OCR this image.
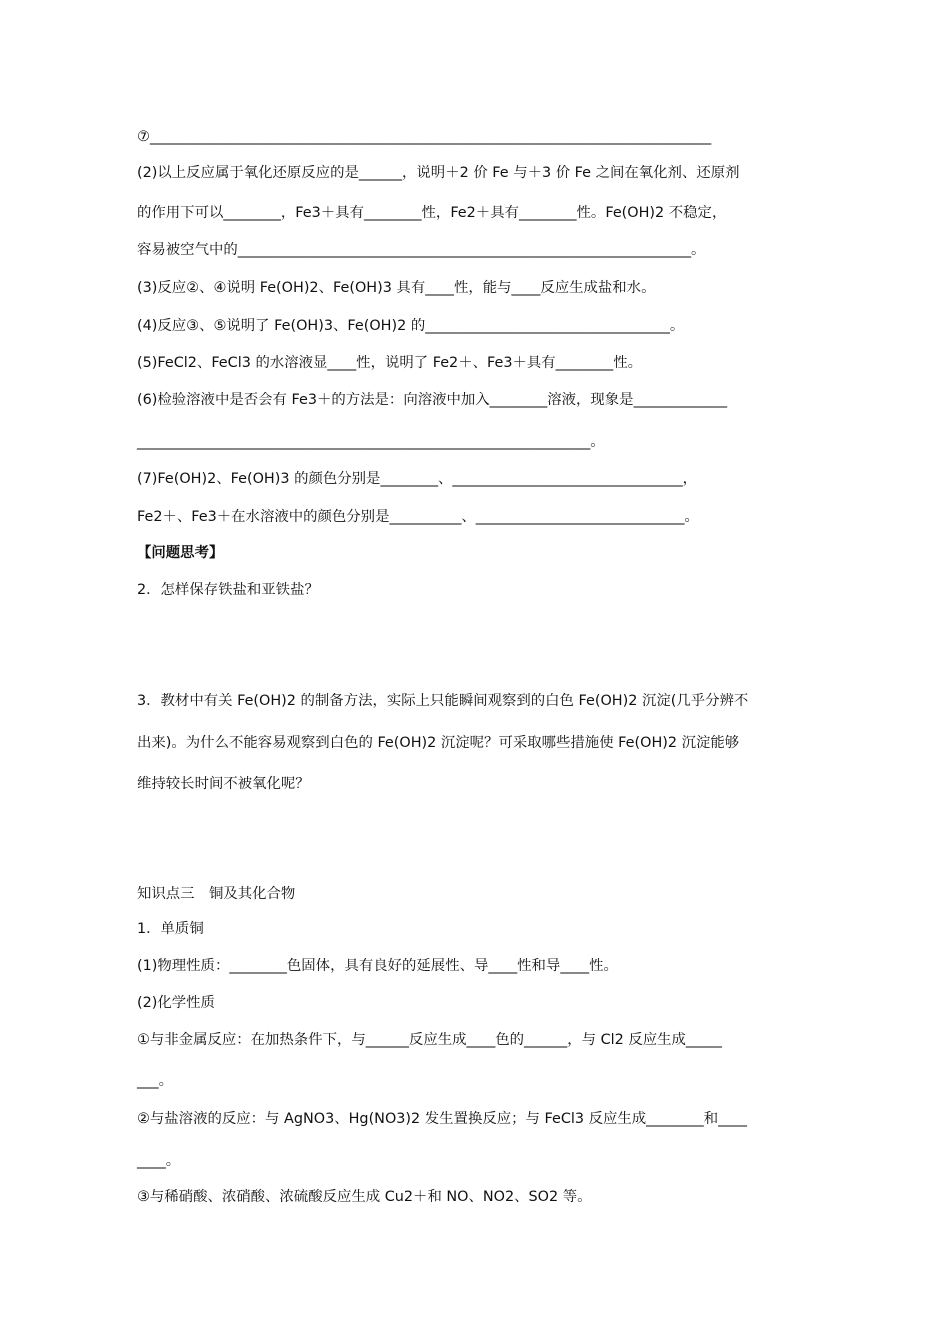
⑦______________________________________________________________________________
(2)以上反应属于氧化还原反应的是______，说明＋2 价 Fe 与＋3 价 Fe 之间在氧化剂、还原剂
的作用下可以________，Fe3＋具有________性，Fe2＋具有________性。Fe(OH)2 不稳定，
容易被空气中的_______________________________________________________________。
(3)反应②、④说明 Fe(OH)2、Fe(OH)3 具有____性，能与____反应生成盐和水。
(4)反应③、⑤说明了 Fe(OH)3、Fe(OH)2 的__________________________________。
(5)FeCl2、FeCl3 的水溶液显____性，说明了 Fe2＋、Fe3＋具有________性。
(6)检验溶液中是否会有 Fe3＋的方法是：向溶液中加入________溶液，现象是_____________
_______________________________________________________________。
(7)Fe(OH)2、Fe(OH)3 的颜色分别是________、________________________________，
Fe2＋、Fe3＋在水溶液中的颜色分别是__________、_____________________________。
【问题思考】
2．怎样保存铁盐和亚铁盐？
3．教材中有关 Fe(OH)2 的制备方法，实际上只能瞬间观察到的白色 Fe(OH)2 沉淀(几乎分辨不
出来)。为什么不能容易观察到白色的 Fe(OH)2 沉淀呢？可采取哪些措施使 Fe(OH)2 沉淀能够
维持较长时间不被氧化呢？
知识点三　铜及其化合物
1．单质铜
(1)物理性质：________色固体，具有良好的延展性、导____性和导____性。
(2)化学性质
①与非金属反应：在加热条件下，与______反应生成____色的______，与 Cl2 反应生成_____
___。
②与盐溶液的反应：与 AgNO3、Hg(NO3)2 发生置换反应；与 FeCl3 反应生成________和____
____。
③与稀硝酸、浓硝酸、浓硫酸反应生成 Cu2＋和 NO、NO2、SO2 等。
